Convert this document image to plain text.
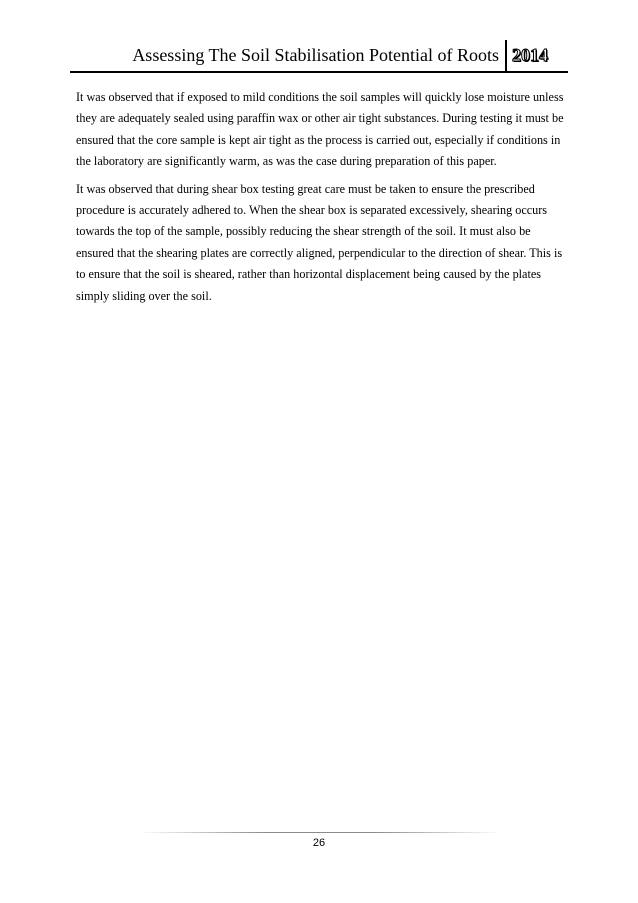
Assessing The Soil Stabilisation Potential of Roots 2014

It was observed that if exposed to mild conditions the soil samples will quickly lose moisture unless they are adequately sealed using paraffin wax or other air tight substances. During testing it must be ensured that the core sample is kept air tight as the process is carried out, especially if conditions in the laboratory are significantly warm, as was the case during preparation of this paper.

It was observed that during shear box testing great care must be taken to ensure the prescribed procedure is accurately adhered to. When the shear box is separated excessively, shearing occurs towards the top of the sample, possibly reducing the shear strength of the soil. It must also be ensured that the shearing plates are correctly aligned, perpendicular to the direction of shear. This is to ensure that the soil is sheared, rather than horizontal displacement being caused by the plates simply sliding over the soil.

26
